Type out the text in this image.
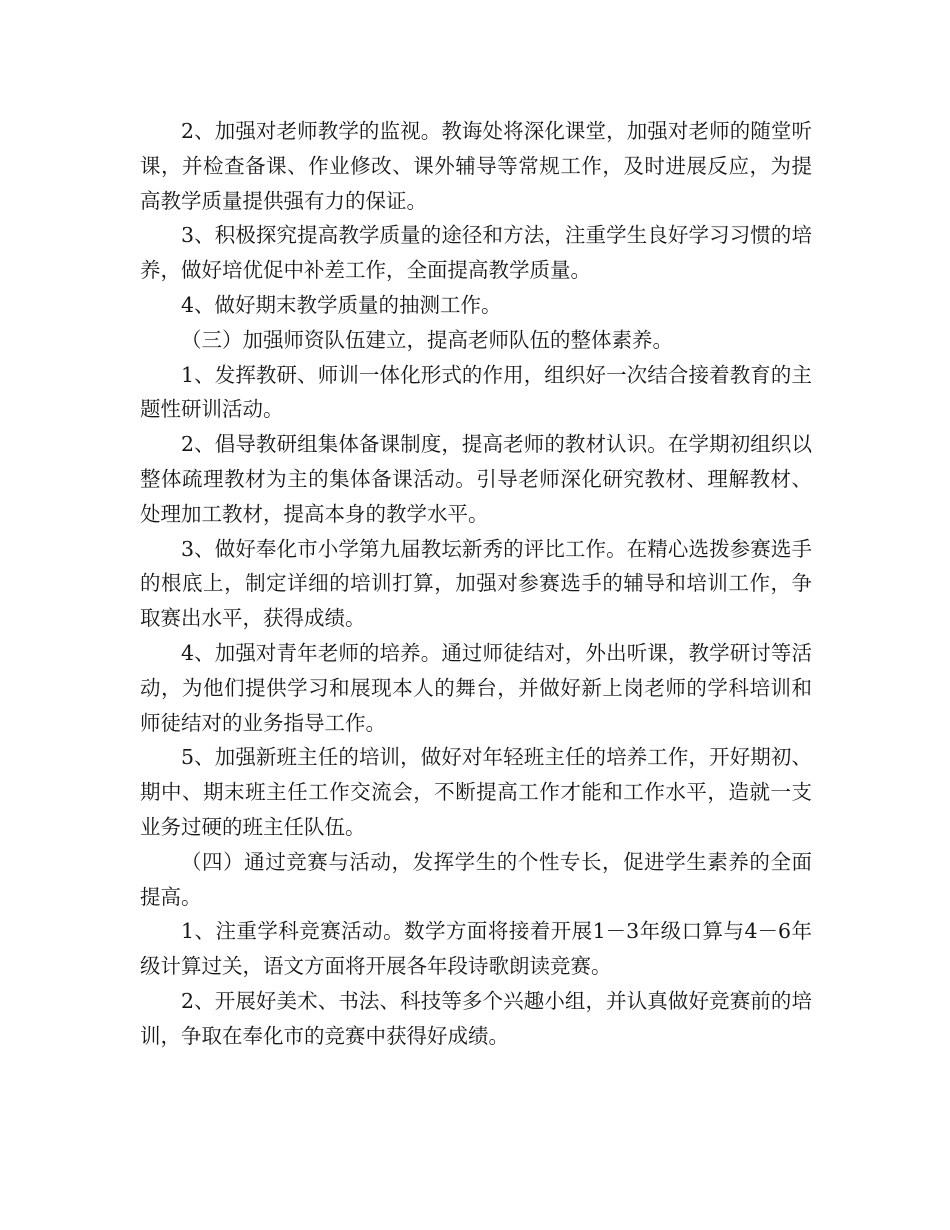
2、加强对老师教学的监视。教诲处将深化课堂，加强对老师的随堂听课，并检查备课、作业修改、课外辅导等常规工作，及时进展反应，为提高教学质量提供强有力的保证。

3、积极探究提高教学质量的途径和方法，注重学生良好学习习惯的培养，做好培优促中补差工作，全面提高教学质量。

4、做好期末教学质量的抽测工作。

（三）加强师资队伍建立，提高老师队伍的整体素养。

1、发挥教研、师训一体化形式的作用，组织好一次结合接着教育的主题性研训活动。

2、倡导教研组集体备课制度，提高老师的教材认识。在学期初组织以整体疏理教材为主的集体备课活动。引导老师深化研究教材、理解教材、处理加工教材，提高本身的教学水平。

3、做好奉化市小学第九届教坛新秀的评比工作。在精心选拨参赛选手的根底上，制定详细的培训打算，加强对参赛选手的辅导和培训工作，争取赛出水平，获得成绩。

4、加强对青年老师的培养。通过师徒结对，外出听课，教学研讨等活动，为他们提供学习和展现本人的舞台，并做好新上岗老师的学科培训和师徒结对的业务指导工作。

5、加强新班主任的培训，做好对年轻班主任的培养工作，开好期初、期中、期末班主任工作交流会，不断提高工作才能和工作水平，造就一支业务过硬的班主任队伍。

（四）通过竞赛与活动，发挥学生的个性专长，促进学生素养的全面提高。

1、注重学科竞赛活动。数学方面将接着开展1－3年级口算与4－6年级计算过关，语文方面将开展各年段诗歌朗读竞赛。

2、开展好美术、书法、科技等多个兴趣小组，并认真做好竞赛前的培训，争取在奉化市的竞赛中获得好成绩。
